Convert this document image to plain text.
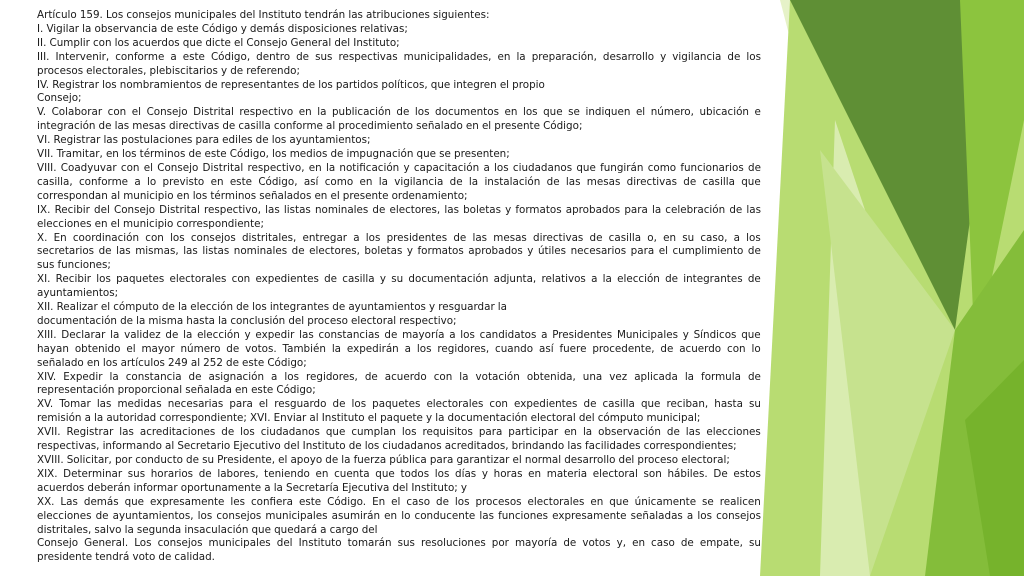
Artículo 159. Los consejos municipales del Instituto tendrán las atribuciones siguientes:
I. Vigilar la observancia de este Código y demás disposiciones relativas;
II. Cumplir con los acuerdos que dicte el Consejo General del Instituto;
III. Intervenir, conforme a este Código, dentro de sus respectivas municipalidades, en la preparación, desarrollo y vigilancia de los
procesos electorales, plebiscitarios y de referendo;
IV. Registrar los nombramientos de representantes de los partidos políticos, que integren el propio
Consejo;
V. Colaborar con el Consejo Distrital respectivo en la publicación de los documentos en los que se indiquen el número, ubicación e
integración de las mesas directivas de casilla conforme al procedimiento señalado en el presente Código;
VI. Registrar las postulaciones para ediles de los ayuntamientos;
VII. Tramitar, en los términos de este Código, los medios de impugnación que se presenten;
VIII. Coadyuvar con el Consejo Distrital respectivo, en la notificación y capacitación a los ciudadanos que fungirán como funcionarios de
casilla, conforme a lo previsto en este Código, así como en la vigilancia de la instalación de las mesas directivas de casilla que
correspondan al municipio en los términos señalados en el presente ordenamiento;
IX. Recibir del Consejo Distrital respectivo, las listas nominales de electores, las boletas y formatos aprobados para la celebración de las
elecciones en el municipio correspondiente;
X. En coordinación con los consejos distritales, entregar a los presidentes de las mesas directivas de casilla o, en su caso, a los
secretarios de las mismas, las listas nominales de electores, boletas y formatos aprobados y útiles necesarios para el cumplimiento de
sus funciones;
XI. Recibir los paquetes electorales con expedientes de casilla y su documentación adjunta, relativos a la elección de integrantes de
ayuntamientos;
XII. Realizar el cómputo de la elección de los integrantes de ayuntamientos y resguardar la
documentación de la misma hasta la conclusión del proceso electoral respectivo;
XIII. Declarar la validez de la elección y expedir las constancias de mayoría a los candidatos a Presidentes Municipales y Síndicos que
hayan obtenido el mayor número de votos. También la expedirán a los regidores, cuando así fuere procedente, de acuerdo con lo
señalado en los artículos 249 al 252 de este Código;
XIV. Expedir la constancia de asignación a los regidores, de acuerdo con la votación obtenida, una vez aplicada la formula de
representación proporcional señalada en este Código;
XV. Tomar las medidas necesarias para el resguardo de los paquetes electorales con expedientes de casilla que reciban, hasta su
remisión a la autoridad correspondiente; XVI. Enviar al Instituto el paquete y la documentación electoral del cómputo municipal;
XVII. Registrar las acreditaciones de los ciudadanos que cumplan los requisitos para participar en la observación de las elecciones
respectivas, informando al Secretario Ejecutivo del Instituto de los ciudadanos acreditados, brindando las facilidades correspondientes;
XVIII. Solicitar, por conducto de su Presidente, el apoyo de la fuerza pública para garantizar el normal desarrollo del proceso electoral;
XIX. Determinar sus horarios de labores, teniendo en cuenta que todos los días y horas en materia electoral son hábiles. De estos
acuerdos deberán informar oportunamente a la Secretaría Ejecutiva del Instituto; y
XX. Las demás que expresamente les confiera este Código. En el caso de los procesos electorales en que únicamente se realicen
elecciones de ayuntamientos, los consejos municipales asumirán en lo conducente las funciones expresamente señaladas a los consejos
distritales, salvo la segunda insaculación que quedará a cargo del
Consejo General. Los consejos municipales del Instituto tomarán sus resoluciones por mayoría de votos y, en caso de empate, su
presidente tendrá voto de calidad.
